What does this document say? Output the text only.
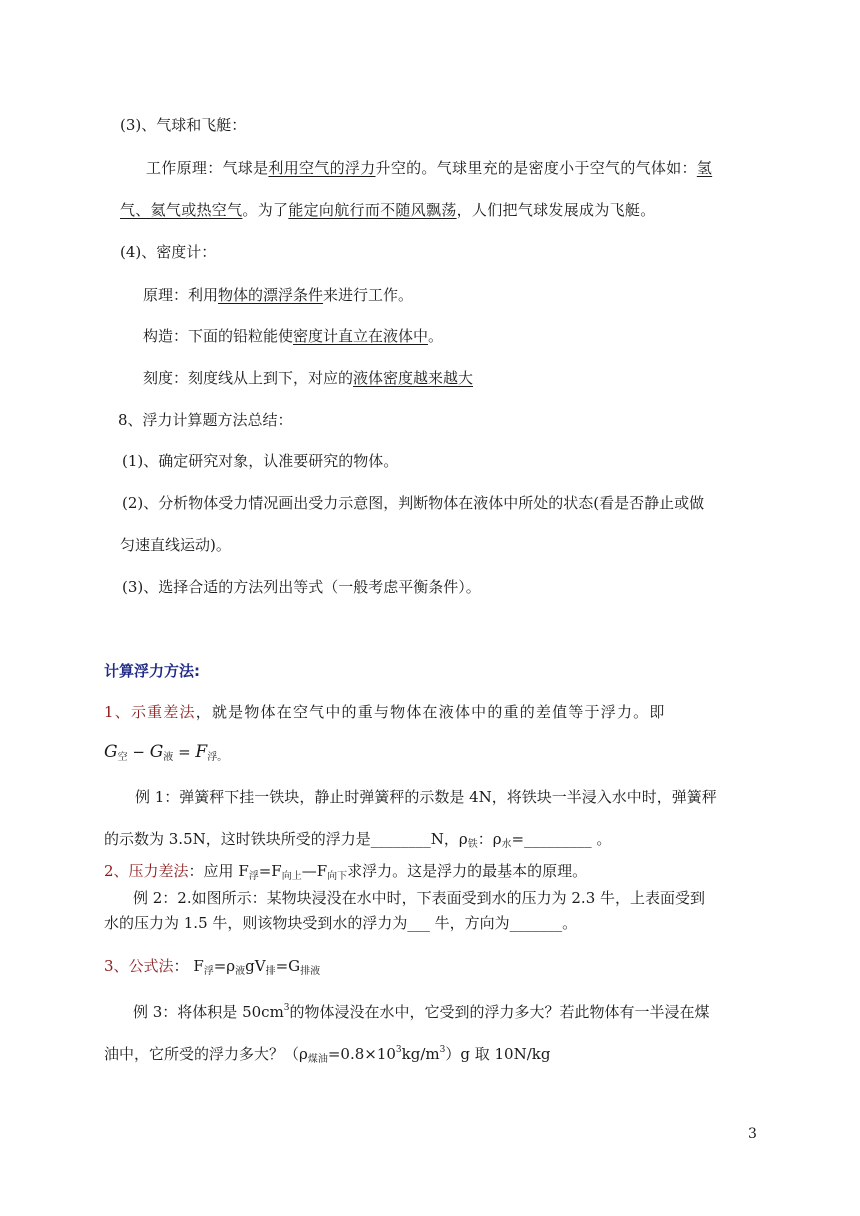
(3)、气球和飞艇：
工作原理：气球是利用空气的浮力升空的。气球里充的是密度小于空气的气体如：氢
气、氦气或热空气。为了能定向航行而不随风飘荡，人们把气球发展成为飞艇。
(4)、密度计：
原理：利用物体的漂浮条件来进行工作。
构造：下面的铅粒能使密度计直立在液体中。
刻度：刻度线从上到下，对应的液体密度越来越大
8、浮力计算题方法总结：
(1)、确定研究对象，认准要研究的物体。
(2)、分析物体受力情况画出受力示意图，判断物体在液体中所处的状态(看是否静止或做
匀速直线运动)。
(3)、选择合适的方法列出等式（一般考虑平衡条件）。
计算浮力方法:
1、示重差法，就是物体在空气中的重与物体在液体中的重的差值等于浮力。即
$G_空 - G_液 = F_{浮。}$
例 1：弹簧秤下挂一铁块，静止时弹簧秤的示数是 4N，将铁块一半浸入水中时，弹簧秤
的示数为 3.5N，这时铁块所受的浮力是________N，$\rho_铁$：$\rho_水=\_\_\_\_\_\_\_\_\_$ 。
2、压力差法：应用 $F_浮=F_{向上}—F_{向下}$求浮力。这是浮力的最基本的原理。
例 2：2.如图所示：某物块浸没在水中时，下表面受到水的压力为 2.3 牛，上表面受到
水的压力为 1.5 牛，则该物块受到水的浮力为___ 牛，方向为_______。
3、公式法： $F_浮=\rho_液gV_排=G_{排液}$
例 3：将体积是 $50cm^3$的物体浸没在水中，它受到的浮力多大？若此物体有一半浸在煤
油中，它所受的浮力多大？$(\rho_{煤油}=0.8\times 10^3kg/m^3)g$ 取 10N/kg
3
